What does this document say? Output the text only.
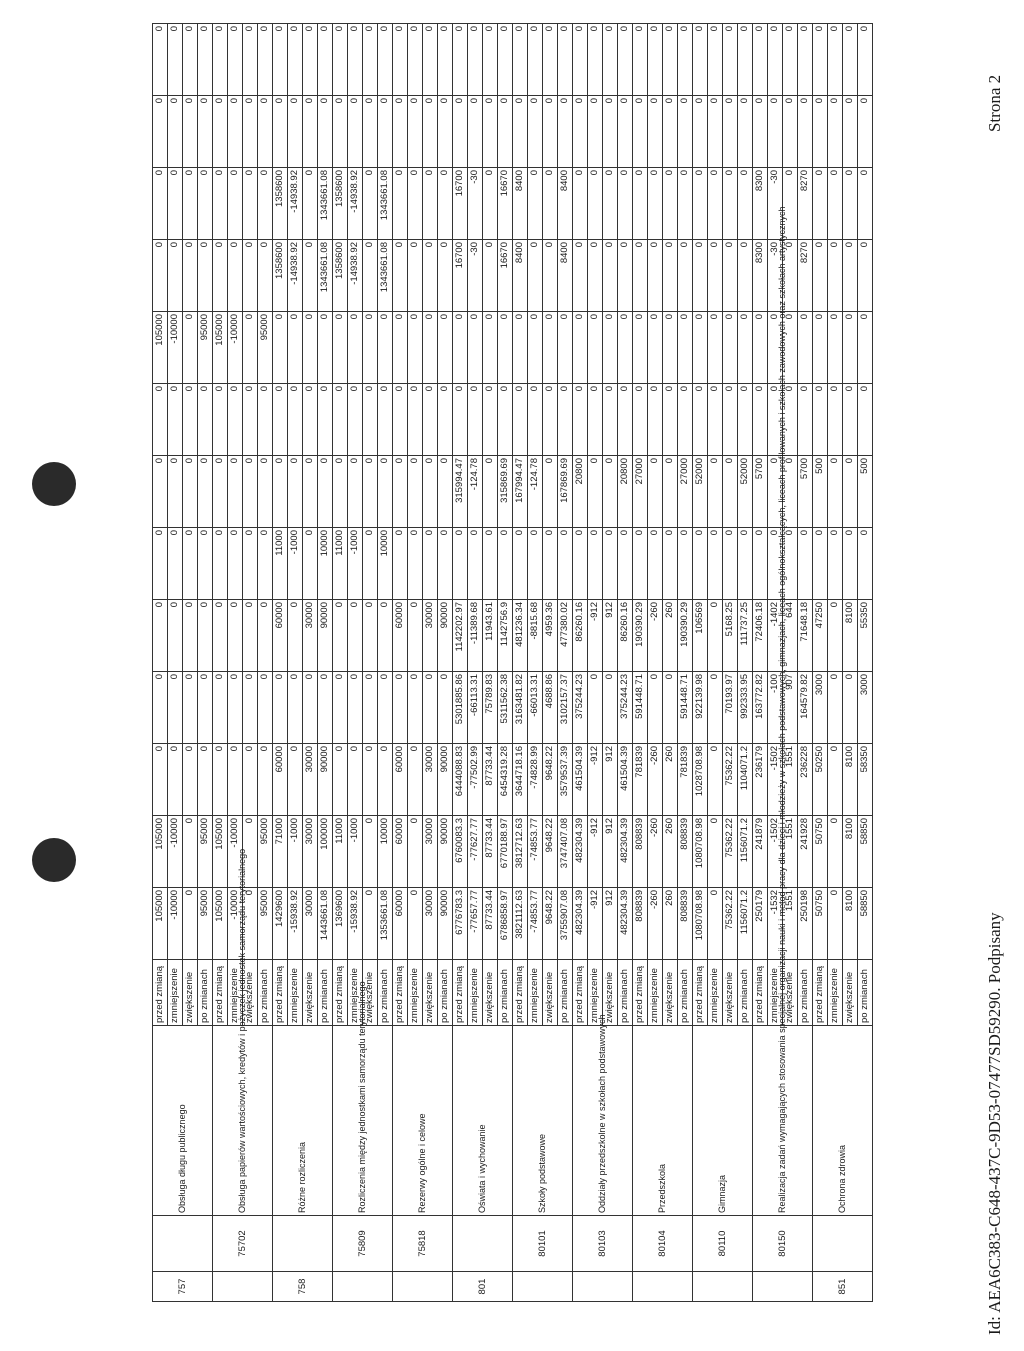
Strona 2
Id: AEA6C383-C648-437C-9D53-07477SD59290. Podpisany
757		Obsługa długu publicznego	przed zmianą	105000	105000	0	0	0	0	0	0	105000	0	0	0	0
			zmniejszenie	-10000	-10000	0	0	0	0	0	0	-10000	0	0	0	0
			zwiększenie	0	0	0	0	0	0	0	0	0	0	0	0	0
			po zmianach	95000	95000	0	0	0	0	0	0	95000	0	0	0	0
	75702	Obsługa papierów wartościowych, kredytów i pożyczek jednostek samorządu terytorialnego	przed zmianą	105000	105000	0	0	0	0	0	0	105000	0	0	0	0
			zmniejszenie	-10000	-10000	0	0	0	0	0	0	-10000	0	0	0	0
			zwiększenie	0	0	0	0	0	0	0	0	0	0	0	0	0
			po zmianach	95000	95000	0	0	0	0	0	0	95000	0	0	0	0
758		Różne rozliczenia	przed zmianą	1429600	71000	60000	0	60000	11000	0	0	0	1358600	1358600	0	0
			zmniejszenie	-15938.92	-1000	0	0	0	-1000	0	0	0	-14938.92	-14938.92	0	0
			zwiększenie	30000	30000	30000	0	30000	0	0	0	0	0	0	0	0
			po zmianach	1443661.08	100000	90000	0	90000	10000	0	0	0	1343661.08	1343661.08	0	0
	75809	Rozliczenia między jednostkami samorządu terytorialnego	przed zmianą	1369600	11000	0	0	0	11000	0	0	0	1358600	1358600	0	0
			zmniejszenie	-15938.92	-1000	0	0	0	-1000	0	0	0	-14938.92	-14938.92	0	0
			zwiększenie	0	0	0	0	0	0	0	0	0	0	0	0	0
			po zmianach	1353661.08	10000	0	0	0	10000	0	0	0	1343661.08	1343661.08	0	0
	75818	Rezerwy ogólne i celowe	przed zmianą	60000	60000	60000	0	60000	0	0	0	0	0	0	0	0
			zmniejszenie	0	0	0	0	0	0	0	0	0	0	0	0	0
			zwiększenie	30000	30000	30000	0	30000	0	0	0	0	0	0	0	0
			po zmianach	90000	90000	90000	0	90000	0	0	0	0	0	0	0	0
801		Oświata i wychowanie	przed zmianą	6776783.3	6760083.3	6444088.83	5301885.86	1142202.97	0	315994.47	0	0	16700	16700	0	0
			zmniejszenie	-77657.77	-77627.77	-77502.99	-66113.31	-11389.68	0	-124.78	0	0	-30	-30	0	0
			zwiększenie	87733.44	87733.44	87733.44	75789.83	11943.61	0	0	0	0	0	0	0	0
			po zmianach	6786858.97	6770188.97	6454319.28	5311562.38	1142756.9	0	315869.69	0	0	16670	16670	0	0
	80101	Szkoły podstawowe	przed zmianą	3821112.63	3812712.63	3644718.16	3163481.82	481236.34	0	167994.47	0	0	8400	8400	0	0
			zmniejszenie	-74853.77	-74853.77	-74828.99	-66013.31	-8815.68	0	-124.78	0	0	0	0	0	0
			zwiększenie	9648.22	9648.22	9648.22	4688.86	4959.36	0	0	0	0	0	0	0	0
			po zmianach	3755907.08	3747407.08	3579537.39	3102157.37	477380.02	0	167869.69	0	0	8400	8400	0	0
	80103	Oddziały przedszkolne w szkołach podstawowych	przed zmianą	482304.39	482304.39	461504.39	375244.23	86260.16	0	20800	0	0	0	0	0	0
			zmniejszenie	-912	-912	-912	0	-912	0	0	0	0	0	0	0	0
			zwiększenie	912	912	912	0	912	0	0	0	0	0	0	0	0
			po zmianach	482304.39	482304.39	461504.39	375244.23	86260.16	0	20800	0	0	0	0	0	0
	80104	Przedszkola	przed zmianą	808839	808839	781839	591448.71	190390.29	0	27000	0	0	0	0	0	0
			zmniejszenie	-260	-260	-260	0	-260	0	0	0	0	0	0	0	0
			zwiększenie	260	260	260	0	260	0	0	0	0	0	0	0	0
			po zmianach	808839	808839	781839	591448.71	190390.29	0	27000	0	0	0	0	0	0
	80110	Gimnazja	przed zmianą	1080708.98	1080708.98	1028708.98	922139.98	106569	0	52000	0	0	0	0	0	0
			zmniejszenie	0	0	0	0	0	0	0	0	0	0	0	0	0
			zwiększenie	75362.22	75362.22	75362.22	70193.97	5168.25	0	0	0	0	0	0	0	0
			po zmianach	1156071.2	1156071.2	1104071.2	992333.95	111737.25	0	52000	0	0	0	0	0	0
	80150	Realizacja zadań wymagających stosowania specjalnej organizacji nauki i metod pracy dla dzieci i młodzieży w szkołach podstawowych, gimnazjach, liceach ogólnokształcących, liceach profilowanych i szkołach zawodowych oraz szkołach artystycznych	przed zmianą	250179	241879	236179	163772.82	72406.18	0	5700	0	0	8300	8300	0	0
			zmniejszenie	-1532	-1502	-1502	-100	-1402	0	0	0	0	-30	-30	0	0
			zwiększenie	1551	1551	1551	907	644	0	0	0	0	0	0	0	0
			po zmianach	250198	241928	236228	164579.82	71648.18	0	5700	0	0	8270	8270	0	0
851		Ochrona zdrowia	przed zmianą	50750	50750	50250	3000	47250	0	500	0	0	0	0	0	0
			zmniejszenie	0	0	0	0	0	0	0	0	0	0	0	0	0
			zwiększenie	8100	8100	8100	0	8100	0	0	0	0	0	0	0	0
			po zmianach	58850	58850	58350	3000	55350	0	500	0	0	0	0	0	0
